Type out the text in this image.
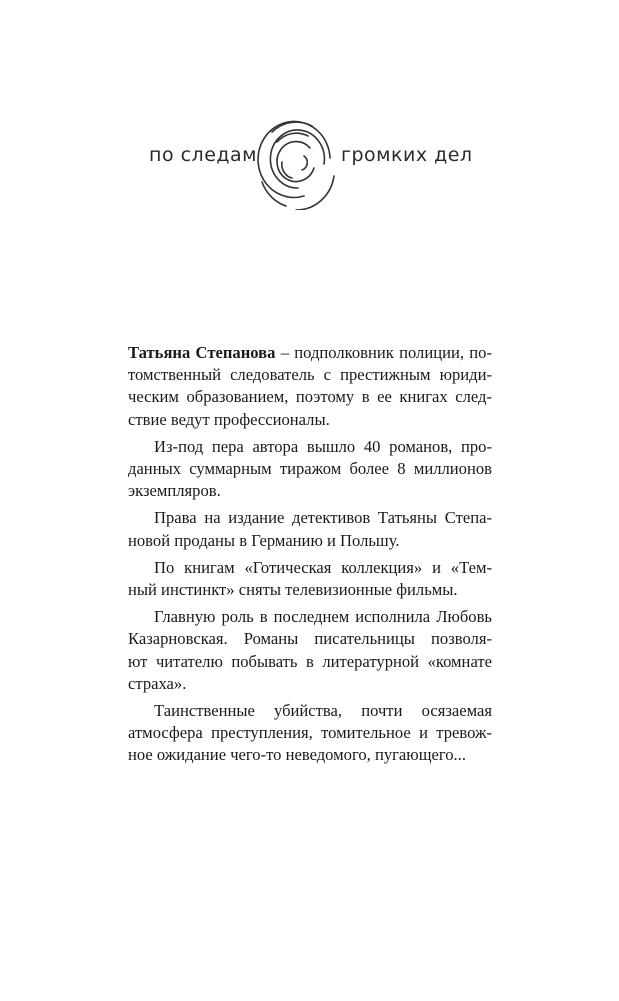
по следам	громких дел

Татьяна Степанова – подполковник полиции, по-
томственный следователь с престижным юриди-
ческим образованием, поэтому в ее книгах след-
ствие ведут профессионалы.

Из-под пера автора вышло 40 романов, про-
данных суммарным тиражом более 8 миллионов
экземпляров.

Права на издание детективов Татьяны Степа-
новой проданы в Германию и Польшу.

По книгам «Готическая коллекция» и «Тем-
ный инстинкт» сняты телевизионные фильмы.

Главную роль в последнем исполнила Любовь
Казарновская. Романы писательницы позволя-
ют читателю побывать в литературной «комнате
страха».

Таинственные убийства, почти осязаемая
атмосфера преступления, томительное и тревож-
ное ожидание чего-то неведомого, пугающего...
